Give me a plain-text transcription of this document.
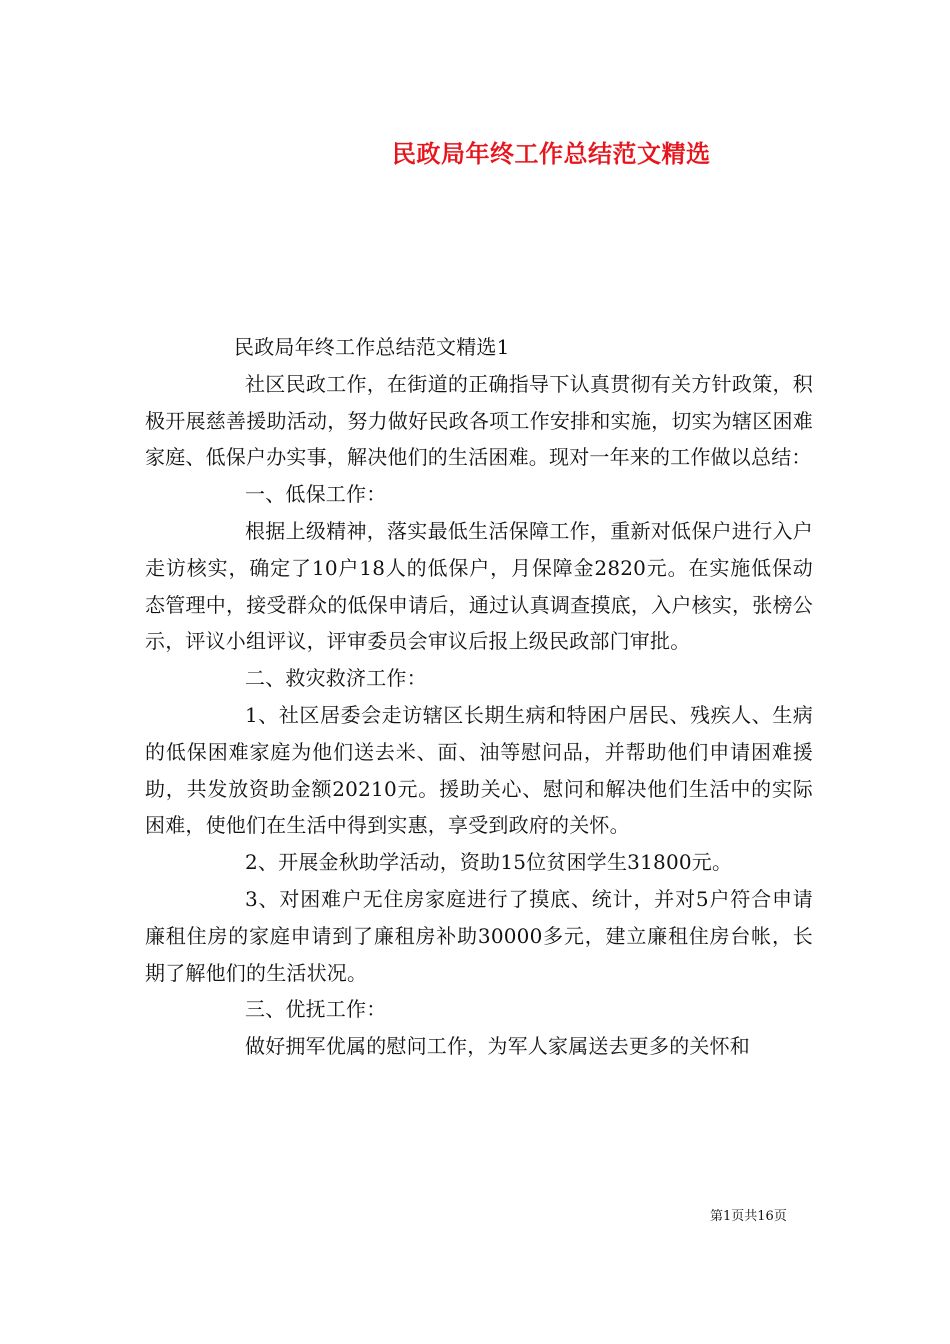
民政局年终工作总结范文精选

民政局年终工作总结范文精选1

社区民政工作，在街道的正确指导下认真贯彻有关方针政策，积极开展慈善援助活动，努力做好民政各项工作安排和实施，切实为辖区困难家庭、低保户办实事，解决他们的生活困难。现对一年来的工作做以总结：

一、低保工作：

根据上级精神，落实最低生活保障工作，重新对低保户进行入户走访核实，确定了10户18人的低保户，月保障金2820元。在实施低保动态管理中，接受群众的低保申请后，通过认真调查摸底，入户核实，张榜公示，评议小组评议，评审委员会审议后报上级民政部门审批。

二、救灾救济工作：

1、社区居委会走访辖区长期生病和特困户居民、残疾人、生病的低保困难家庭为他们送去米、面、油等慰问品，并帮助他们申请困难援助，共发放资助金额20210元。援助关心、慰问和解决他们生活中的实际困难，使他们在生活中得到实惠，享受到政府的关怀。

2、开展金秋助学活动，资助15位贫困学生31800元。

3、对困难户无住房家庭进行了摸底、统计，并对5户符合申请廉租住房的家庭申请到了廉租房补助30000多元，建立廉租住房台帐，长期了解他们的生活状况。

三、优抚工作：

做好拥军优属的慰问工作，为军人家属送去更多的关怀和

第1页共16页
